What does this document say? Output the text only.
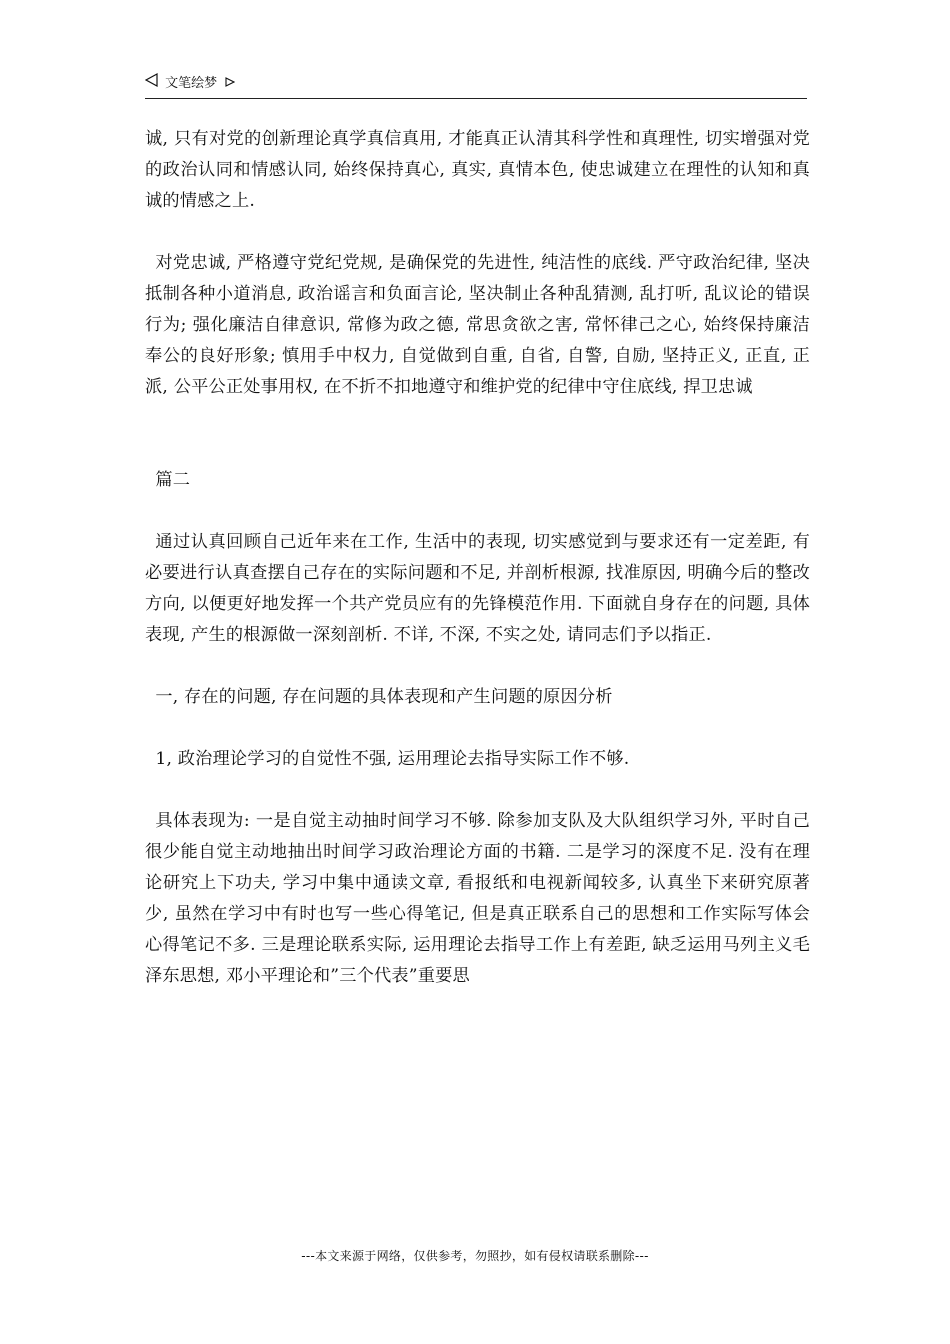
文笔绘梦

诚, 只有对党的创新理论真学真信真用, 才能真正认清其科学性和真理性, 切实增强对党的政治认同和情感认同, 始终保持真心, 真实, 真情本色, 使忠诚建立在理性的认知和真诚的情感之上.

对党忠诚, 严格遵守党纪党规, 是确保党的先进性, 纯洁性的底线. 严守政治纪律, 坚决抵制各种小道消息, 政治谣言和负面言论, 坚决制止各种乱猜测, 乱打听, 乱议论的错误行为; 强化廉洁自律意识, 常修为政之德, 常思贪欲之害, 常怀律己之心, 始终保持廉洁奉公的良好形象; 慎用手中权力, 自觉做到自重, 自省, 自警, 自励, 坚持正义, 正直, 正派, 公平公正处事用权, 在不折不扣地遵守和维护党的纪律中守住底线, 捍卫忠诚

篇二

通过认真回顾自己近年来在工作, 生活中的表现, 切实感觉到与要求还有一定差距, 有必要进行认真查摆自己存在的实际问题和不足, 并剖析根源, 找准原因, 明确今后的整改方向, 以便更好地发挥一个共产党员应有的先锋模范作用. 下面就自身存在的问题, 具体表现, 产生的根源做一深刻剖析. 不详, 不深, 不实之处, 请同志们予以指正.

一, 存在的问题, 存在问题的具体表现和产生问题的原因分析

1, 政治理论学习的自觉性不强, 运用理论去指导实际工作不够.

具体表现为: 一是自觉主动抽时间学习不够. 除参加支队及大队组织学习外, 平时自己很少能自觉主动地抽出时间学习政治理论方面的书籍. 二是学习的深度不足. 没有在理论研究上下功夫, 学习中集中通读文章, 看报纸和电视新闻较多, 认真坐下来研究原著少, 虽然在学习中有时也写一些心得笔记, 但是真正联系自己的思想和工作实际写体会心得笔记不多. 三是理论联系实际, 运用理论去指导工作上有差距, 缺乏运用马列主义毛泽东思想, 邓小平理论和”三个代表”重要思

---本文来源于网络，仅供参考，勿照抄，如有侵权请联系删除---
